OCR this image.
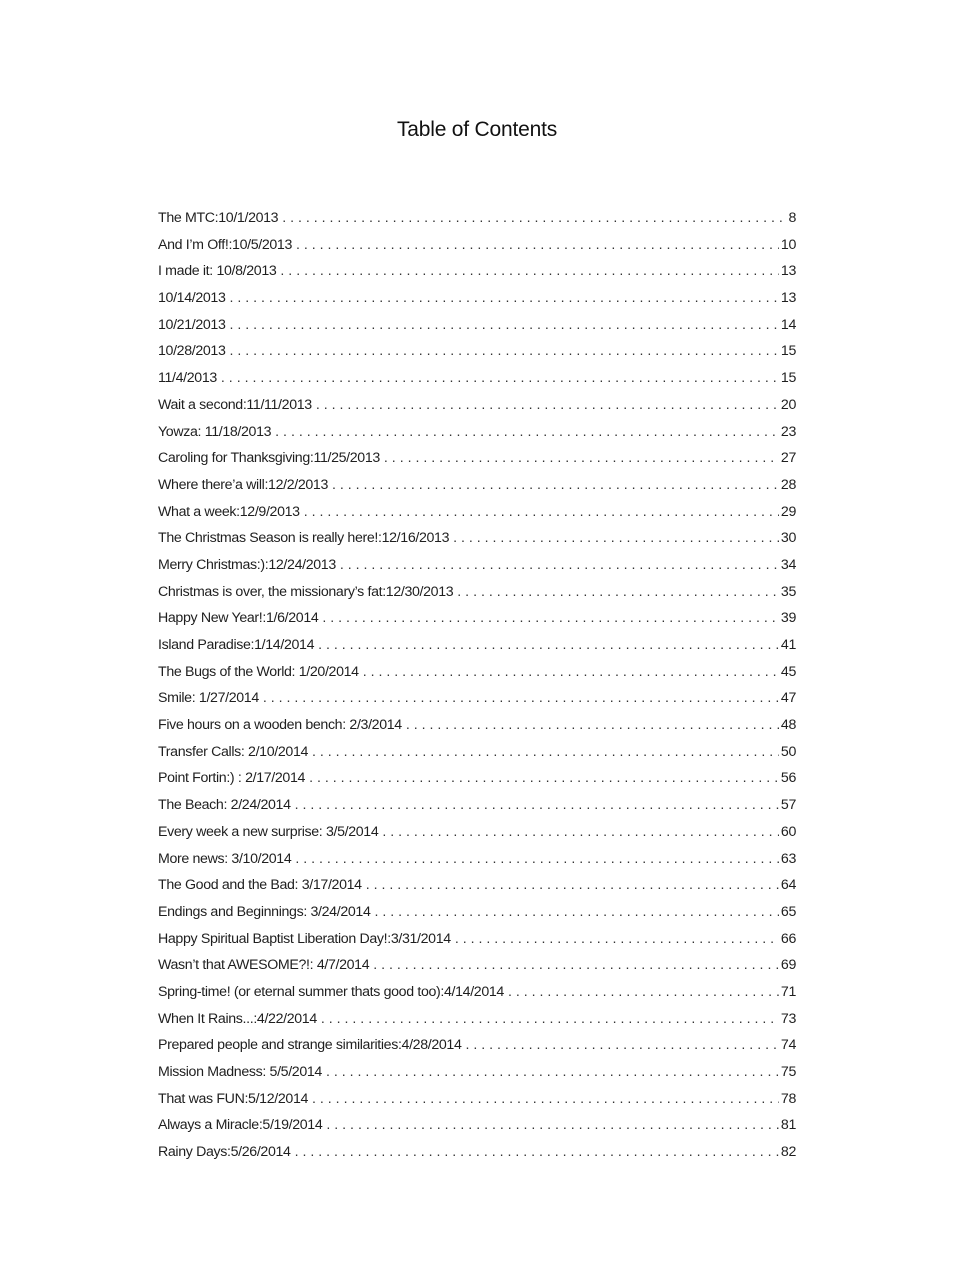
Table of Contents
The MTC:10/1/2013 . . .	8
And I’m Off!:10/5/2013 . . .	10
I made it: 10/8/2013 . . .	13
10/14/2013 . . .	13
10/21/2013 . . .	14
10/28/2013 . . .	15
11/4/2013 . . .	15
Wait a second:11/11/2013 . . .	20
Yowza: 11/18/2013 . . .	23
Caroling for Thanksgiving:11/25/2013 . . .	27
Where there’a will:12/2/2013 . . .	28
What a week:12/9/2013 . . .	29
The Christmas Season is really here!:12/16/2013 . . .	30
Merry Christmas:):12/24/2013 . . .	34
Christmas is over, the missionary’s fat:12/30/2013 . . .	35
Happy New Year!:1/6/2014 . . .	39
Island Paradise:1/14/2014 . . .	41
The Bugs of the World: 1/20/2014 . . .	45
Smile: 1/27/2014 . . .	47
Five hours on a wooden bench: 2/3/2014 . . .	48
Transfer Calls: 2/10/2014 . . .	50
Point Fortin:) : 2/17/2014 . . .	56
The Beach: 2/24/2014 . . .	57
Every week a new surprise: 3/5/2014 . . .	60
More news: 3/10/2014 . . .	63
The Good and the Bad: 3/17/2014 . . .	64
Endings and Beginnings: 3/24/2014 . . .	65
Happy Spiritual Baptist Liberation Day!:3/31/2014 . . .	66
Wasn’t that AWESOME?!: 4/7/2014 . . .	69
Spring-time! (or eternal summer thats good too):4/14/2014 . . .	71
When It Rains...:4/22/2014 . . .	73
Prepared people and strange similarities:4/28/2014 . . .	74
Mission Madness: 5/5/2014 . . .	75
That was FUN:5/12/2014 . . .	78
Always a Miracle:5/19/2014 . . .	81
Rainy Days:5/26/2014 . . .	82
